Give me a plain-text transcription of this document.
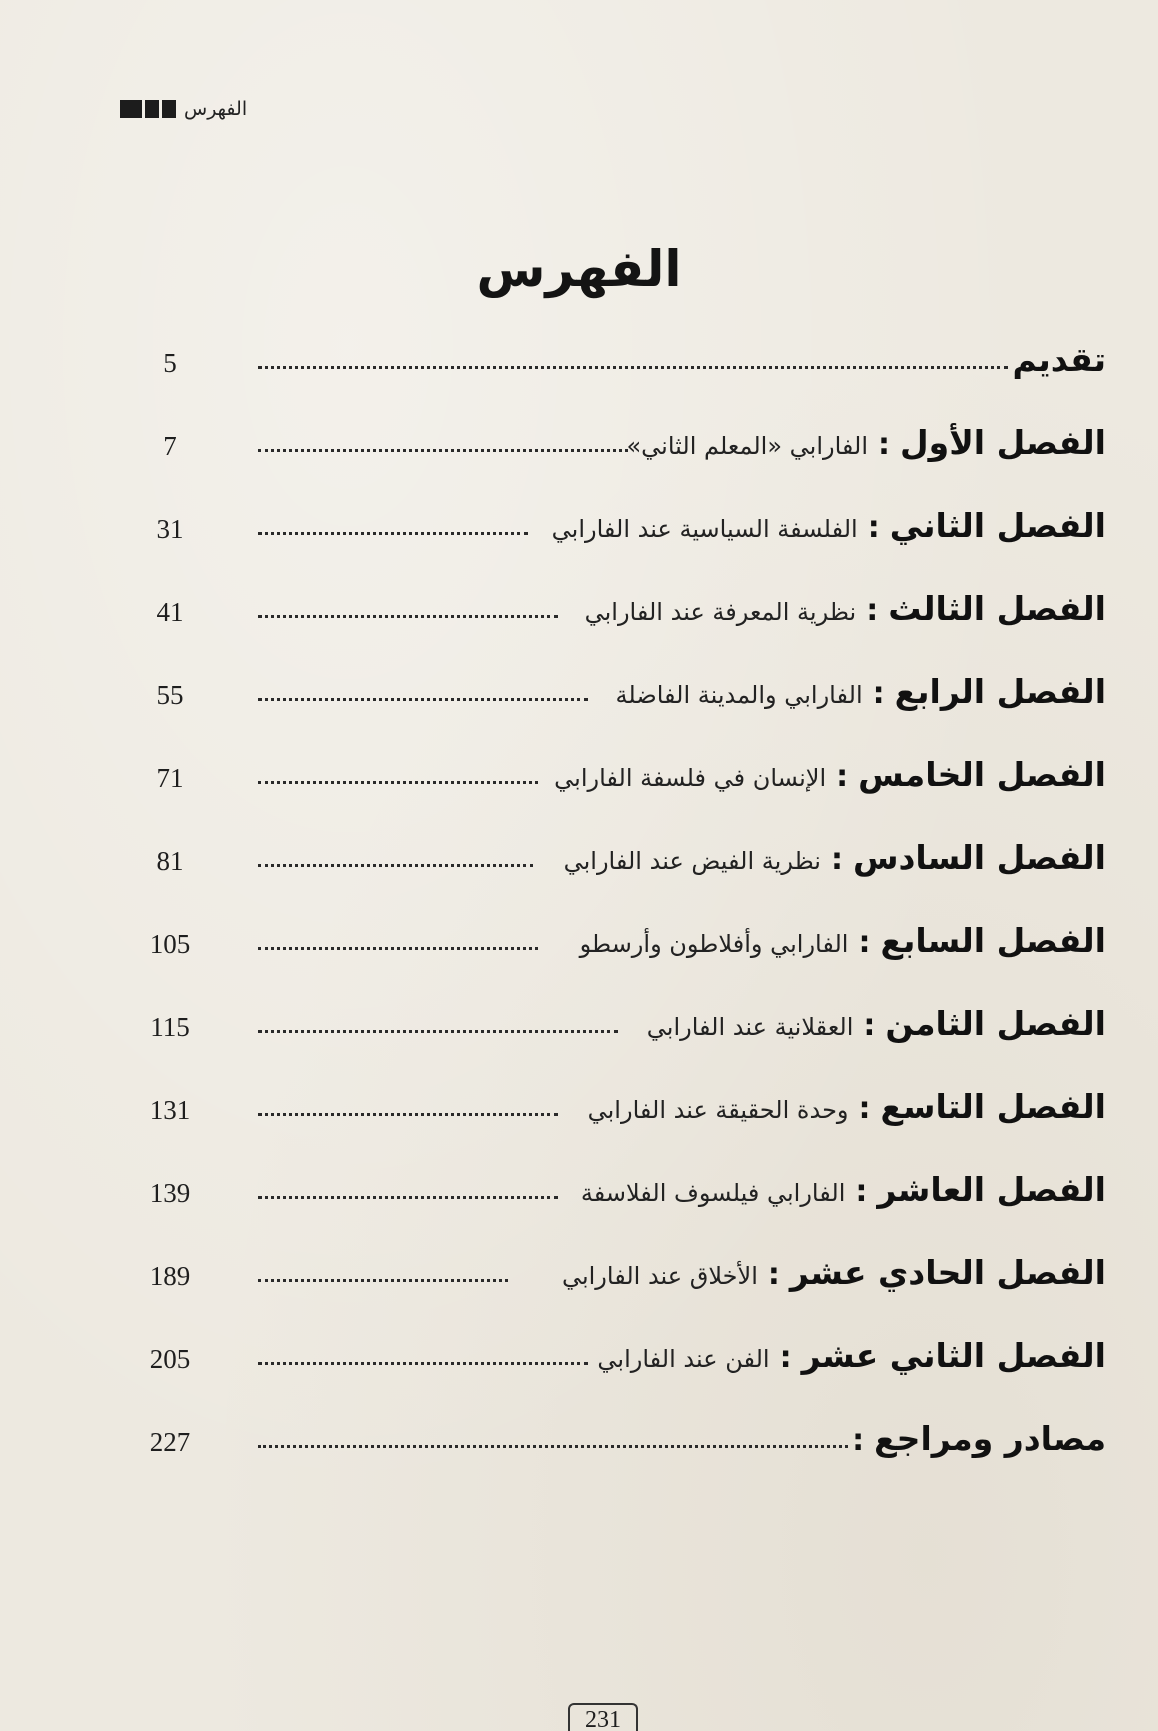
الفهرس
الفهرس
تقديم
5
الفصل الأول
:
الفارابي «المعلم الثاني»
7
الفصل الثاني
:
الفلسفة السياسية عند الفارابي
31
الفصل الثالث
:
نظرية المعرفة عند الفارابي
41
الفصل الرابع
:
الفارابي والمدينة الفاضلة
55
الفصل الخامس
:
الإنسان في فلسفة الفارابي
71
الفصل السادس
:
نظرية الفيض عند الفارابي
81
الفصل السابع
:
الفارابي وأفلاطون وأرسطو
105
الفصل الثامن
:
العقلانية عند الفارابي
115
الفصل التاسع
:
وحدة الحقيقة عند الفارابي
131
الفصل العاشر
:
الفارابي فيلسوف الفلاسفة
139
الفصل الحادي عشر
:
الأخلاق عند الفارابي
189
الفصل الثاني عشر
:
الفن عند الفارابي
205
مصادر ومراجع
:
227
231
